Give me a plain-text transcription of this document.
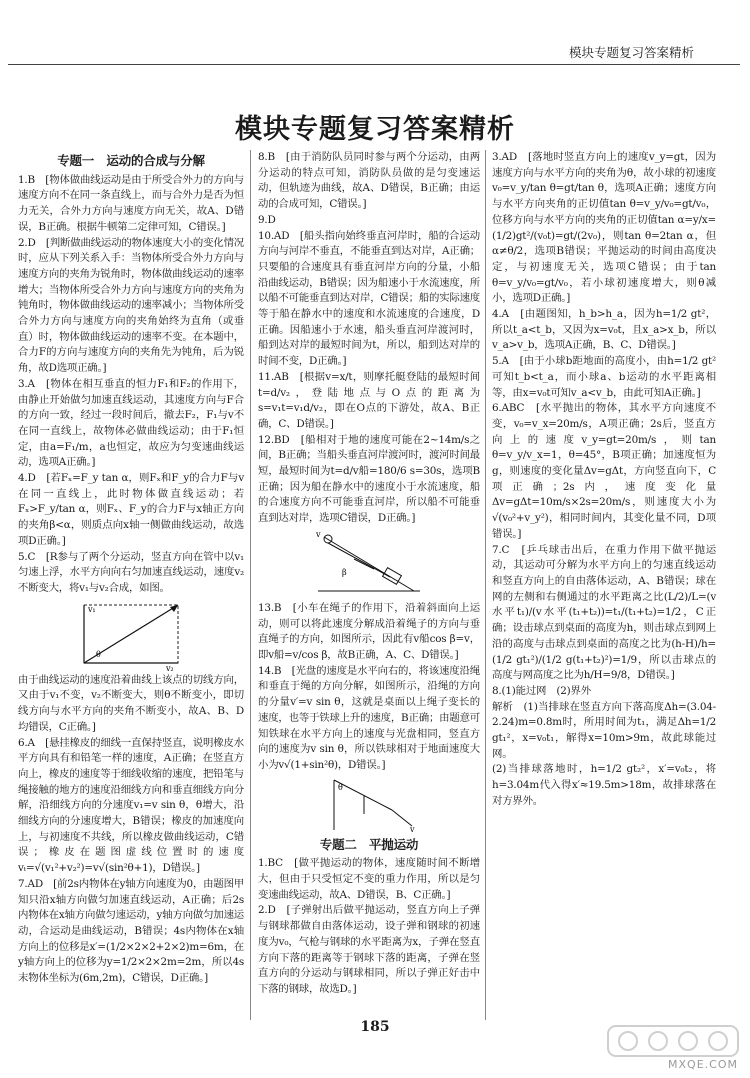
模块专题复习答案精析
模块专题复习答案精析
专题一　运动的合成与分解

1.B　[物体做曲线运动是由于所受合外力的方向与速度方向不在同一条直线上，而与合外力是否为恒力无关，合外力方向与速度方向无关，故A、D错误，B正确。根据牛顿第二定律可知，C错误。]

2.D　[判断做曲线运动的物体速度大小的变化情况时，应从下列关系入手：当物体所受合外力方向与速度方向的夹角为锐角时，物体做曲线运动的速率增大；当物体所受合外力方向与速度方向的夹角为钝角时，物体做曲线运动的速率减小；当物体所受合外力方向与速度方向的夹角始终为直角（或垂直）时，物体做曲线运动的速率不变。在本题中，合力F的方向与速度方向的夹角先为钝角，后为锐角，故D选项正确。]

3.A　[物体在相互垂直的恒力F₁和F₂的作用下，由静止开始做匀加速直线运动，其速度方向与F合的方向一致，经过一段时间后，撤去F₂，F₁与v不在同一直线上，故物体必做曲线运动；由于F₁恒定，由a=F₁/m，a也恒定，故应为匀变速曲线运动，选项A正确。]

4.D　[若Fₓ=F_y tan α，则Fₓ和F_y的合力F与v在同一直线上，此时物体做直线运动；若Fₓ>F_y/tan α，则Fₓ、F_y的合力F与x轴正方向的夹角β<α，则质点向x轴一侧做曲线运动，故选项D正确。]

5.C　[R参与了两个分运动，竖直方向在管中以v₁匀速上浮，水平方向向右匀加速直线运动，速度v₂不断变大，将v₁与v₂合成，如图。

v₁
v₂
θ

由于曲线运动的速度沿着曲线上该点的切线方向，又由于v₁不变，v₂不断变大，则θ不断变小，即切线方向与水平方向的夹角不断变小，故A、B、D均错误，C正确。]

6.A　[悬挂橡皮的细线一直保持竖直，说明橡皮水平方向具有和铅笔一样的速度，A正确；在竖直方向上，橡皮的速度等于细线收缩的速度，把铅笔与绳接触的地方的速度沿细线方向和垂直细线方向分解，沿细线方向的分速度v₁=v sin θ，θ增大，沿细线方向的分速度增大，B错误；橡皮的加速度向上，与初速度不共线，所以橡皮做曲线运动，C错误；橡皮在题图虚线位置时的速度vₜ=√(v₁²+v₂²)=v√(sin²θ+1)，D错误。]

7.AD　[前2s内物体在y轴方向速度为0，由题图甲知只沿x轴方向做匀加速直线运动，A正确；后2s内物体在x轴方向做匀速运动，y轴方向做匀加速运动，合运动是曲线运动，B错误；4s内物体在x轴方向上的位移是x′=(1/2×2×2+2×2)m=6m，在y轴方向上的位移为y=1/2×2×2m=2m，所以4s末物体坐标为(6m,2m)，C错误，D正确。]

8.B　[由于消防队员同时参与两个分运动，由两分运动的特点可知，消防队员做的是匀变速运动，但轨迹为曲线，故A、D错误，B正确；由运动的合成可知，C错误。]

9.D

10.AD　[船头指向始终垂直河岸时，船的合运动方向与河岸不垂直，不能垂直到达对岸，A正确；只要船的合速度具有垂直河岸方向的分量，小船沿曲线运动，B错误；因为船速小于水流速度，所以船不可能垂直到达对岸，C错误；船的实际速度等于船在静水中的速度和水流速度的合速度，D正确。因船速小于水速，船头垂直河岸渡河时，船到达对岸的最短时间为t，所以，船到达对岸的时间不变，D正确。]

11.AB　[根据v=x/t，则摩托艇登陆的最短时间t=d/v₂，登陆地点与O点的距离为s=v₁t=v₁d/v₂，即在O点的下游处，故A、B正确，C、D错误。]

12.BD　[船相对于地的速度可能在2~14m/s之间，B正确；当船头垂直河岸渡河时，渡河时间最短，最短时间为t=d/v船=180/6 s=30s，选项B正确；因为船在静水中的速度小于水流速度，船的合速度方向不可能垂直河岸，所以船不可能垂直到达对岸，选项C错误，D正确。]

β
v

13.B　[小车在绳子的作用下，沿着斜面向上运动，则可以将此速度分解成沿着绳子的方向与垂直绳子的方向，如图所示，因此有v船cos β=v，即v船=v/cos β，故B正确，A、C、D错误。]

14.B　[光盘的速度是水平向右的，将该速度沿绳和垂直于绳的方向分解，如图所示，沿绳的方向的分量v′=v sin θ，这就是桌面以上绳子变长的速度，也等于铁球上升的速度，B正确；由题意可知铁球在水平方向上的速度与光盘相同，竖直方向的速度为v sin θ，所以铁球相对于地面速度大小为v√(1+sin²θ)，D错误。]

θ
v
专题二　平抛运动

1.BC　[做平抛运动的物体，速度随时间不断增大，但由于只受恒定不变的重力作用，所以是匀变速曲线运动，故A、D错误，B、C正确。]

2.D　[子弹射出后做平抛运动，竖直方向上子弹与钢球都做自由落体运动，设子弹和钢球的初速度为v₀，气枪与钢球的水平距离为x，子弹在竖直方向下落的距离等于钢球下落的距离，子弹在竖直方向的分运动与钢球相同，所以子弹正好击中下落的钢球，故选D。]

3.AD　[落地时竖直方向上的速度v_y=gt，因为速度方向与水平方向的夹角为θ，故小球的初速度v₀=v_y/tan θ=gt/tan θ，选项A正确；速度方向与水平方向夹角的正切值tan θ=v_y/v₀=gt/v₀，位移方向与水平方向的夹角的正切值tan α=y/x=(1/2)gt²/(v₀t)=gt/(2v₀)，则tan θ=2tan α，但α≠θ/2，选项B错误；平抛运动的时间由高度决定，与初速度无关，选项C错误；由于tan θ=v_y/v₀=gt/v₀，若小球初速度增大，则θ减小，选项D正确。]

4.A　[由题图知，h_b>h_a，因为h=1/2 gt²，所以t_a<t_b，又因为x=v₀t，且x_a>x_b，所以v_a>v_b，选项A正确，B、C、D错误。]

5.A　[由于小球b距地面的高度小，由h=1/2 gt²可知t_b<t_a，而小球a、b运动的水平距离相等，由x=v₀t可知v_a<v_b，由此可知A正确。]

6.ABC　[水平抛出的物体，其水平方向速度不变，v₀=v_x=20m/s，A项正确；2s后，竖直方向上的速度v_y=gt=20m/s，则tan θ=v_y/v_x=1，θ=45°，B项正确；加速度恒为g，则速度的变化量Δv=gΔt，方向竖直向下，C项正确；2s内，速度变化量Δv=gΔt=10m/s×2s=20m/s，则速度大小为√(v₀²+v_y²)，相同时间内，其变化量不同，D项错误。]

7.C　[乒乓球击出后，在重力作用下做平抛运动，其运动可分解为水平方向上的匀速直线运动和竖直方向上的自由落体运动，A、B错误；球在网的左侧和右侧通过的水平距离之比(L/2)/L=(v水平t₁)/(v水平(t₁+t₂))=t₁/(t₁+t₂)=1/2，C正确；设击球点到桌面的高度为h，则击球点到网上沿的高度与击球点到桌面的高度之比为(h-H)/h=(1/2 gt₁²)/(1/2 g(t₁+t₂)²)=1/9，所以击球点的高度与网高度之比为h/H=9/8，D错误。]

8.(1)能过网　(2)界外

解析　(1)当排球在竖直方向下落高度Δh=(3.04-2.24)m=0.8m时，所用时间为t₁，满足Δh=1/2 gt₁²，x=v₀t₁，解得x=10m>9m，故此球能过网。

(2)当排球落地时，h=1/2 gt₂²，x′=v₀t₂，将h=3.04m代入得x′≈19.5m>18m，故排球落在对方界外。

185
MXQE.COM
